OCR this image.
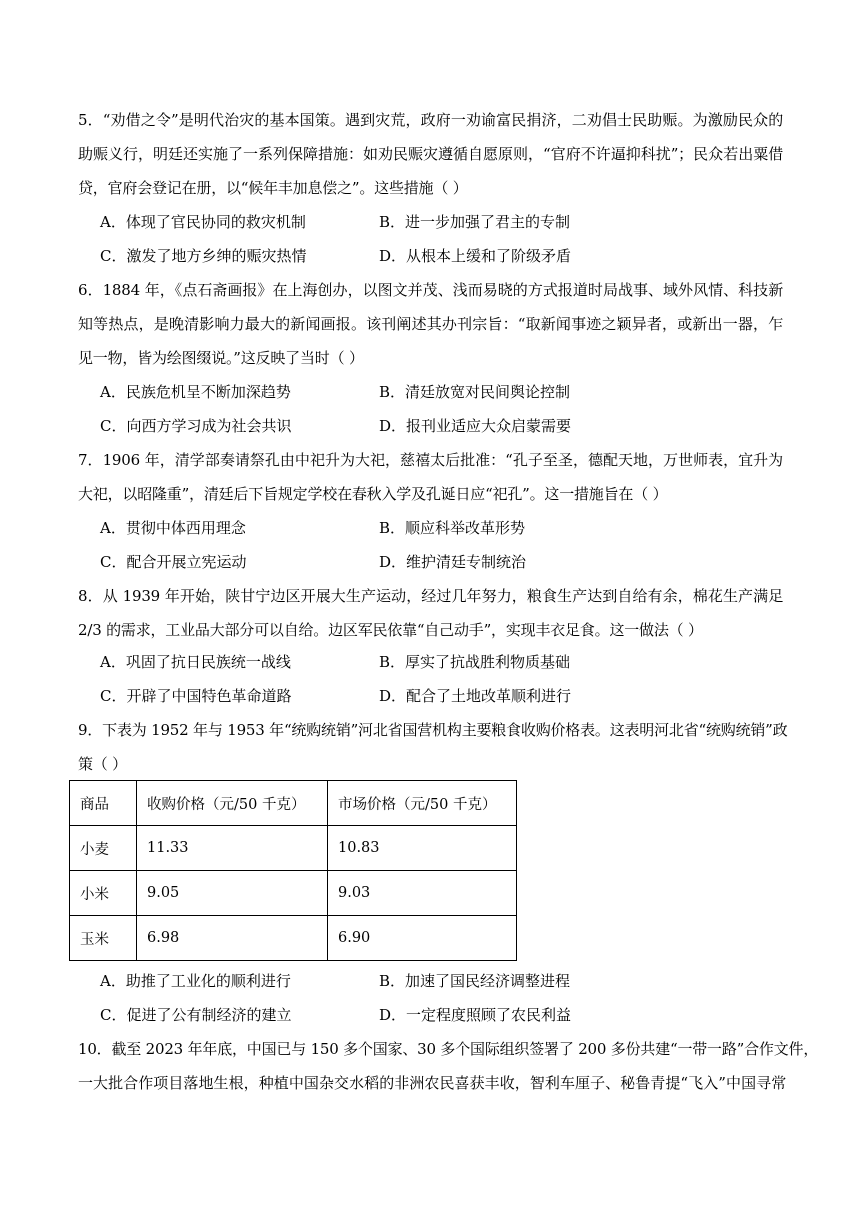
5．“劝借之令”是明代治灾的基本国策。遇到灾荒，政府一劝谕富民捐济，二劝倡士民助赈。为激励民众的
助赈义行，明廷还实施了一系列保障措施：如劝民赈灾遵循自愿原则，“官府不许逼抑科扰”；民众若出粟借
贷，官府会登记在册，以“候年丰加息偿之”。这些措施（ ）
A．体现了官民协同的救灾机制	B．进一步加强了君主的专制
C．激发了地方乡绅的赈灾热情	D．从根本上缓和了阶级矛盾
6．1884 年，《点石斋画报》在上海创办，以图文并茂、浅而易晓的方式报道时局战事、域外风情、科技新
知等热点，是晚清影响力最大的新闻画报。该刊阐述其办刊宗旨：“取新闻事迹之颖异者，或新出一器，乍
见一物，皆为绘图缀说。”这反映了当时（ ）
A．民族危机呈不断加深趋势	B．清廷放宽对民间舆论控制
C．向西方学习成为社会共识	D．报刊业适应大众启蒙需要
7．1906 年，清学部奏请祭孔由中祀升为大祀，慈禧太后批准：“孔子至圣，德配天地，万世师表，宜升为
大祀，以昭隆重”，清廷后下旨规定学校在春秋入学及孔诞日应“祀孔”。这一措施旨在（ ）
A．贯彻中体西用理念	B．顺应科举改革形势
C．配合开展立宪运动	D．维护清廷专制统治
8．从 1939 年开始，陕甘宁边区开展大生产运动，经过几年努力，粮食生产达到自给有余，棉花生产满足
2/3 的需求，工业品大部分可以自给。边区军民依靠“自己动手”，实现丰衣足食。这一做法（ ）
A．巩固了抗日民族统一战线	B．厚实了抗战胜利物质基础
C．开辟了中国特色革命道路	D．配合了土地改革顺利进行
9．下表为 1952 年与 1953 年“统购统销”河北省国营机构主要粮食收购价格表。这表明河北省“统购统销”政
策（ ）
商品	收购价格（元/50 千克）	市场价格（元/50 千克）
小麦	11.33	10.83
小米	9.05	9.03
玉米	6.98	6.90
A．助推了工业化的顺利进行	B．加速了国民经济调整进程
C．促进了公有制经济的建立	D．一定程度照顾了农民利益
10．截至 2023 年年底，中国已与 150 多个国家、30 多个国际组织签署了 200 多份共建“一带一路”合作文件，
一大批合作项目落地生根，种植中国杂交水稻的非洲农民喜获丰收，智利车厘子、秘鲁青提“飞入”中国寻常
